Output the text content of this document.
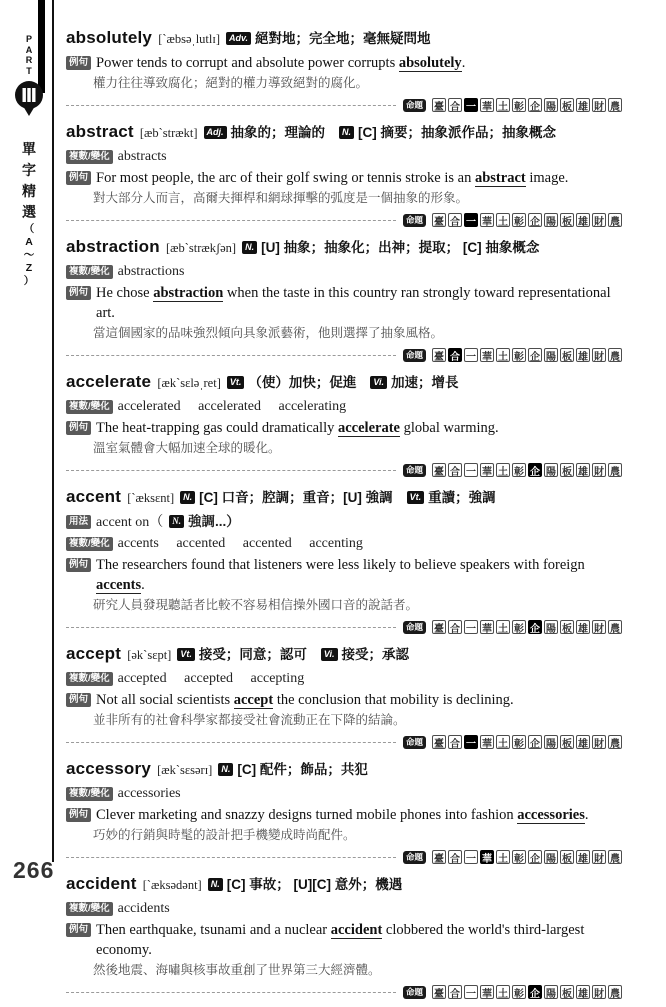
P
A
R
T
單
字
精
選
（
A
～
Z
）
absolutely [ˋæbsəˌlutlɪ] Adv. 絕對地；完全地；毫無疑問地
例句 Power tends to corrupt and absolute power corrupts absolutely.

權力往往導致腐化；絕對的權力導致絕對的腐化。

命題	臺 合 一 華 土 彰 企 陽 板 雄 財 農
abstract [æbˋstrækt] Adj. 抽象的；理論的 N. [C] 摘要；抽象派作品；抽象概念
複數/變化 abstracts
例句 For most people, the arc of their golf swing or tennis stroke is an abstract image.

對大部分人而言，高爾夫揮桿和網球揮擊的弧度是一個抽象的形象。

命題	臺 合 一 華 土 彰 企 陽 板 雄 財 農
abstraction [æbˋstrækʃən] N. [U] 抽象；抽象化；出神；提取； [C] 抽象概念
複數/變化 abstractions
例句 He chose abstraction when the taste in this country ran strongly toward representational art.

當這個國家的品味強烈傾向具象派藝術，他則選擇了抽象風格。

命題	臺 合 一 華 土 彰 企 陽 板 雄 財 農
accelerate [ækˋsɛləˌret] Vt. （使）加快；促進 Vi. 加速；增長
複數/變化 accelerated accelerated accelerating
例句 The heat-trapping gas could dramatically accelerate global warming.

溫室氣體會大幅加速全球的暖化。

命題	臺 合 一 華 土 彰 企 陽 板 雄 財 農
accent [ˋæksɛnt] N. [C] 口音；腔調；重音；[U] 強調 Vt. 重讀；強調
用法 accent on（ N. 強調...）
複數/變化 accents accented accented accenting
例句 The researchers found that listeners were less likely to believe speakers with foreign accents.

研究人員發現聽話者比較不容易相信操外國口音的說話者。

命題	臺 合 一 華 土 彰 企 陽 板 雄 財 農
accept [əkˋsɛpt] Vt. 接受；同意；認可 Vi. 接受；承認
複數/變化 accepted accepted accepting
例句 Not all social scientists accept the conclusion that mobility is declining.

並非所有的社會科學家都接受社會流動正在下降的結論。

命題	臺 合 一 華 土 彰 企 陽 板 雄 財 農
accessory [ækˋsɛsərɪ] N. [C] 配件；飾品；共犯
複數/變化 accessories
例句 Clever marketing and snazzy designs turned mobile phones into fashion accessories.

巧妙的行銷與時髦的設計把手機變成時尚配件。

命題	臺 合 一 華 土 彰 企 陽 板 雄 財 農
accident [ˋæksədənt] N. [C] 事故； [U][C] 意外；機遇
複數/變化 accidents
例句 Then earthquake, tsunami and a nuclear accident clobbered the world's third-largest economy.

然後地震、海嘯與核事故重創了世界第三大經濟體。

命題	臺 合 一 華 土 彰 企 陽 板 雄 財 農
266
